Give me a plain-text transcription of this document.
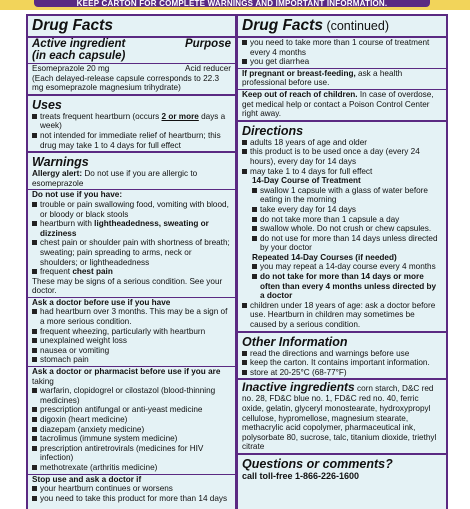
KEEP CARTON FOR COMPLETE WARNINGS AND IMPORTANT INFORMATION.
Drug Facts
Active ingredient	Purpose
(in each capsule)
Esomeprazole 20 mg	Acid reducer
(Each delayed-release capsule corresponds to 22.3 mg esomeprazole magnesium trihydrate)
Uses
treats frequent heartburn (occurs 2 or more days a week)
not intended for immediate relief of heartburn; this drug may take 1 to 4 days for full effect
Warnings
Allergy alert: Do not use if you are allergic to esomeprazole
Do not use if you have:
trouble or pain swallowing food, vomiting with blood, or bloody or black stools
heartburn with lightheadedness, sweating or dizziness
chest pain or shoulder pain with shortness of breath; sweating; pain spreading to arms, neck or shoulders; or lightheadedness
frequent chest pain
These may be signs of a serious condition. See your doctor.
Ask a doctor before use if you have
had heartburn over 3 months. This may be a sign of a more serious condition.
frequent wheezing, particularly with heartburn
unexplained weight loss
nausea or vomiting
stomach pain
Ask a doctor or pharmacist before use if you are taking
warfarin, clopidogrel or cilostazol (blood-thinning medicines)
prescription antifungal or anti-yeast medicine
digoxin (heart medicine)
diazepam (anxiety medicine)
tacrolimus (immune system medicine)
prescription antiretrovirals (medicines for HIV infection)
methotrexate (arthritis medicine)
Stop use and ask a doctor if
your heartburn continues or worsens
you need to take this product for more than 14 days
Drug Facts (continued)
you need to take more than 1 course of treatment every 4 months
you get diarrhea
If pregnant or breast-feeding, ask a health professional before use.
Keep out of reach of children. In case of overdose, get medical help or contact a Poison Control Center right away.
Directions
adults 18 years of age and older
this product is to be used once a day (every 24 hours), every day for 14 days
may take 1 to 4 days for full effect
14-Day Course of Treatment
swallow 1 capsule with a glass of water before eating in the morning
take every day for 14 days
do not take more than 1 capsule a day
swallow whole. Do not crush or chew capsules.
do not use for more than 14 days unless directed by your doctor
Repeated 14-Day Courses (if needed)
you may repeat a 14-day course every 4 months
do not take for more than 14 days or more often than every 4 months unless directed by a doctor
children under 18 years of age: ask a doctor before use. Heartburn in children may sometimes be caused by a serious condition.
Other Information
read the directions and warnings before use
keep the carton. It contains important information.
store at 20-25°C (68-77°F)
Inactive ingredients corn starch, D&C red no. 28, FD&C blue no. 1, FD&C red no. 40, ferric oxide, gelatin, glyceryl monostearate, hydroxypropyl cellulose, hypromellose, magnesium stearate, methacrylic acid copolymer, pharmaceutical ink, polysorbate 80, sucrose, talc, titanium dioxide, triethyl citrate
Questions or comments?
call toll-free 1-866-226-1600
